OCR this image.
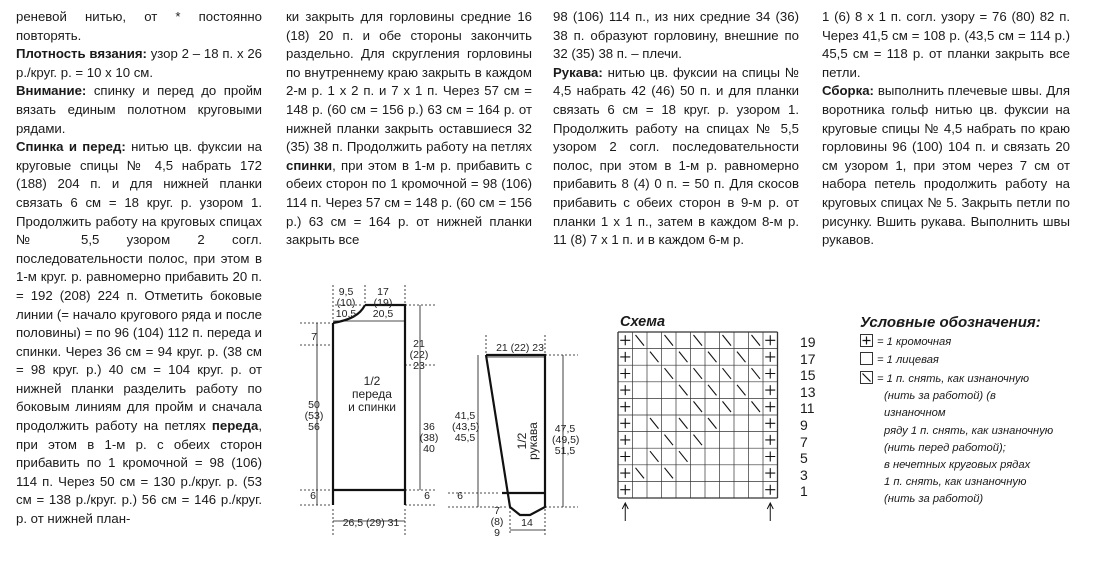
реневой нитью, от * постоянно повторять.

Плотность вязания: узор 2 – 18 п. х 26 р./круг. р. = 10 х 10 см.

Внимание: спинку и перед до пройм вязать единым полотном круговыми рядами.

Спинка и перед: нитью цв. фуксии на круговые спицы № 4,5 набрать 172 (188) 204 п. и для нижней планки связать 6 см = 18 круг. р. узором 1. Продолжить работу на круговых спицах № 5,5 узором 2 согл. последовательности полос, при этом в 1-м круг. р. равномерно прибавить 20 п. = 192 (208) 224 п. Отметить боковые линии (= начало кругового ряда и после половины) = по 96 (104) 112 п. переда и спинки. Через 36 см = 94 круг. р. (38 см = 98 круг. р.) 40 см = 104 круг. р. от нижней планки разделить работу по боковым линиям для пройм и сначала продолжить работу на петлях переда, при этом в 1-м р. с обеих сторон прибавить по 1 кромочной = 98 (106) 114 п. Через 50 см = 130 р./круг. р. (53 см = 138 р./круг. р.) 56 см = 146 р./круг. р. от нижней план-

ки закрыть для горловины средние 16 (18) 20 п. и обе стороны закончить раздельно. Для скругления горловины по внутреннему краю закрыть в каждом 2-м р. 1 х 2 п. и 7 х 1 п. Через 57 см = 148 р. (60 см = 156 р.) 63 см = 164 р. от нижней планки закрыть оставшиеся 32 (35) 38 п. Продолжить работу на петлях спинки, при этом в 1-м р. прибавить с обеих сторон по 1 кромочной = 98 (106) 114 п. Через 57 см = 148 р. (60 см = 156 р.) 63 см = 164 р. от нижней планки закрыть все

98 (106) 114 п., из них средние 34 (36) 38 п. образуют горловину, внешние по 32 (35) 38 п. – плечи.

Рукава: нитью цв. фуксии на спицы № 4,5 набрать 42 (46) 50 п. и для планки связать 6 см = 18 круг. р. узором 1. Продолжить работу на спицах № 5,5 узором 2 согл. последовательности полос, при этом в 1-м р. равномерно прибавить 8 (4) 0 п. = 50 п. Для скосов прибавить с обеих сторон в 9-м р. от планки 1 х 1 п., затем в каждом 8-м р. 11 (8) 7 х 1 п. и в каждом 6-м р.

1 (6) 8 х 1 п. согл. узору = 76 (80) 82 п. Через 41,5 см = 108 р. (43,5 см = 114 р.) 45,5 см = 118 р. от планки закрыть все петли.

Сборка: выполнить плечевые швы. Для воротника гольф нитью цв. фуксии на круговые спицы № 4,5 набрать по краю горловины 96 (100) 104 п. и связать 20 см узором 1, при этом через 7 см от набора петель продолжить работу на круговых спицах № 5. Закрыть петли по рисунку. Вшить рукава. Выполнить швы рукавов.

9,5
(10)
10,5
17
(19)
20,5
7
21
(22)
23
1/2
переда
и спинки
50
(53)
56	36
(38)
40
6	6
26,5 (29) 31
21 (22) 23
1/2 рукава
41,5
(43,5)
45,5
47,5
(49,5)
51,5
6
7
(8)
9
14
Схема
19
17
15
13
11
9
7
5
3
1
Условные обозначения:
= 1 кромочная
= 1 лицевая
= 1 п. снять, как изнаночную
(нить за работой) (в изнаночном
ряду 1 п. снять, как изнаночную
(нить перед работой);
в нечетных круговых рядах
1 п. снять, как изнаночную
(нить за работой)
